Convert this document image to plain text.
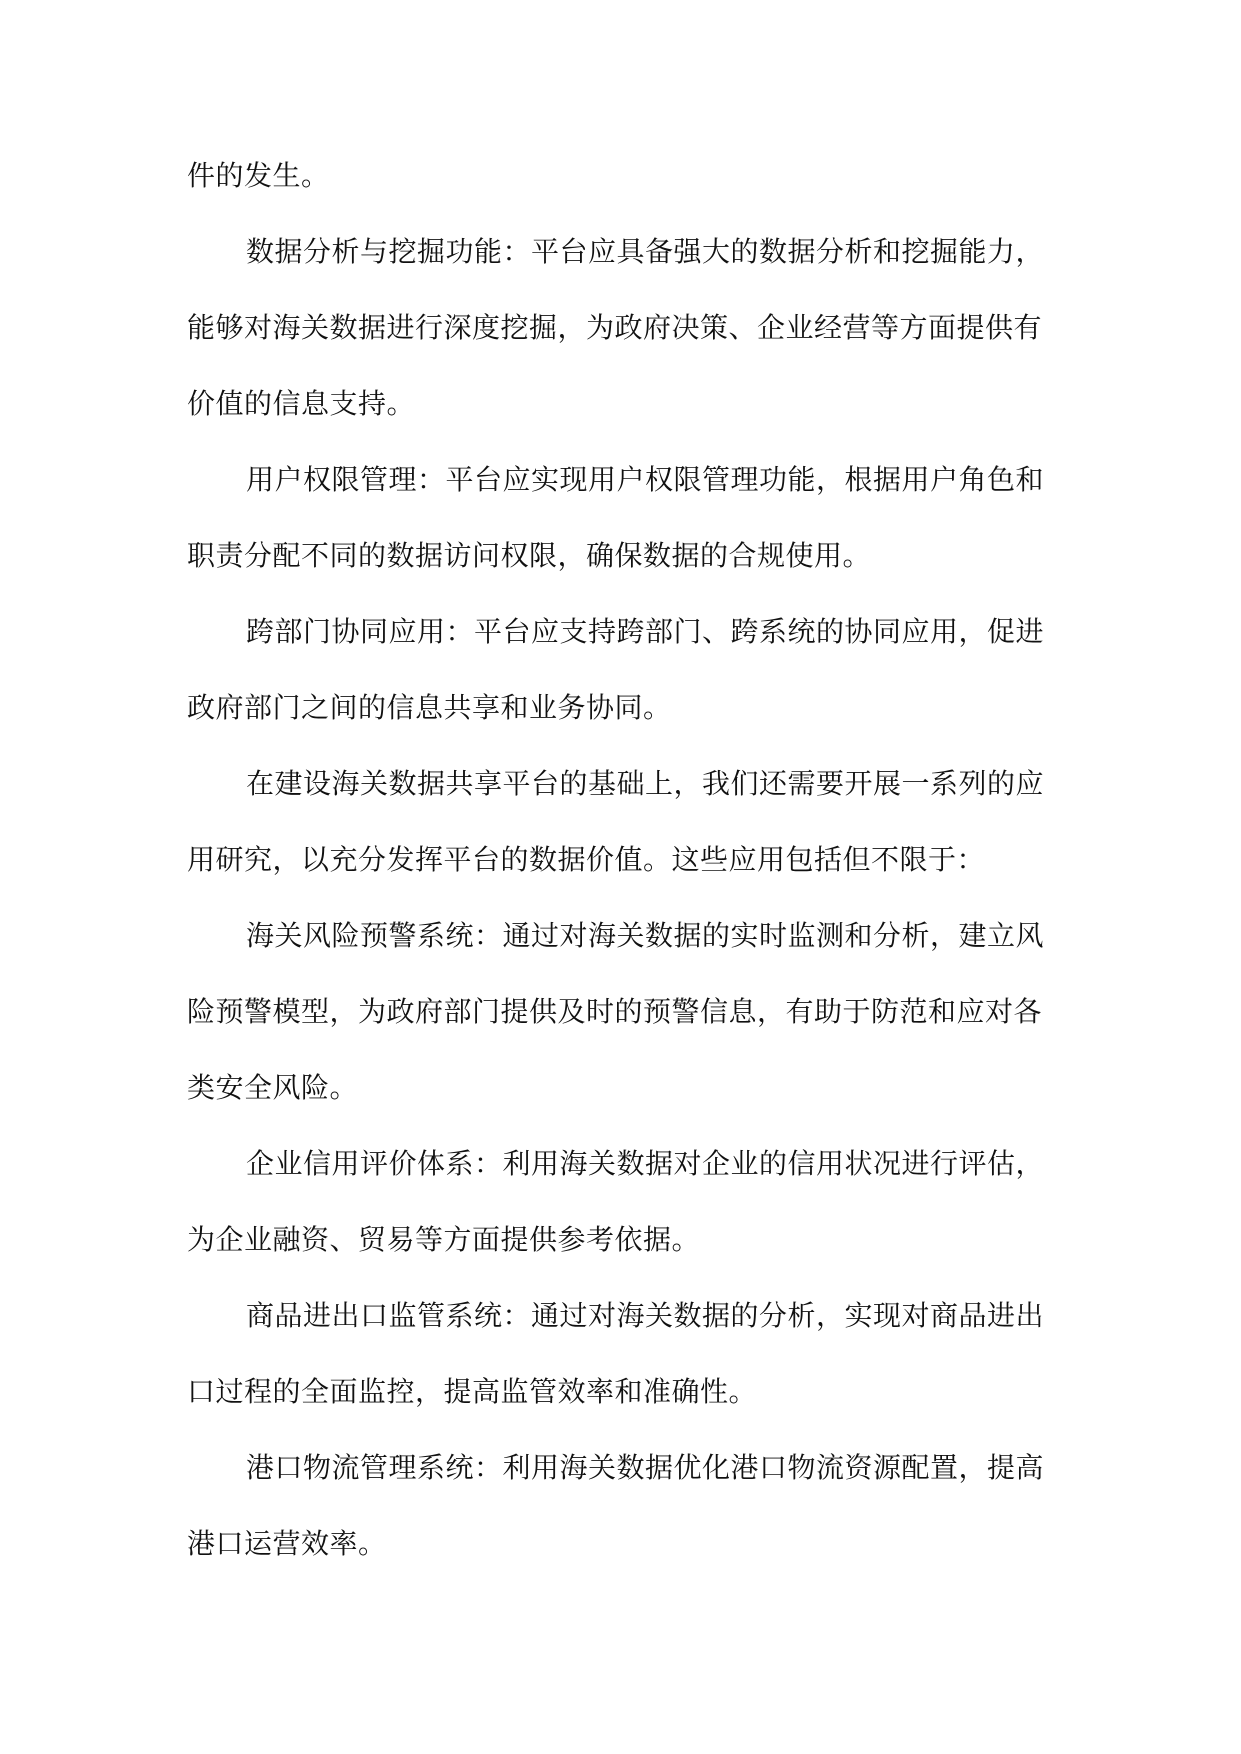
件的发生。

数据分析与挖掘功能：平台应具备强大的数据分析和挖掘能力，
能够对海关数据进行深度挖掘，为政府决策、企业经营等方面提供有
价值的信息支持。

用户权限管理：平台应实现用户权限管理功能，根据用户角色和
职责分配不同的数据访问权限，确保数据的合规使用。

跨部门协同应用：平台应支持跨部门、跨系统的协同应用，促进
政府部门之间的信息共享和业务协同。

在建设海关数据共享平台的基础上，我们还需要开展一系列的应
用研究，以充分发挥平台的数据价值。这些应用包括但不限于：

海关风险预警系统：通过对海关数据的实时监测和分析，建立风
险预警模型，为政府部门提供及时的预警信息，有助于防范和应对各
类安全风险。

企业信用评价体系：利用海关数据对企业的信用状况进行评估，
为企业融资、贸易等方面提供参考依据。

商品进出口监管系统：通过对海关数据的分析，实现对商品进出
口过程的全面监控，提高监管效率和准确性。

港口物流管理系统：利用海关数据优化港口物流资源配置，提高
港口运营效率。
